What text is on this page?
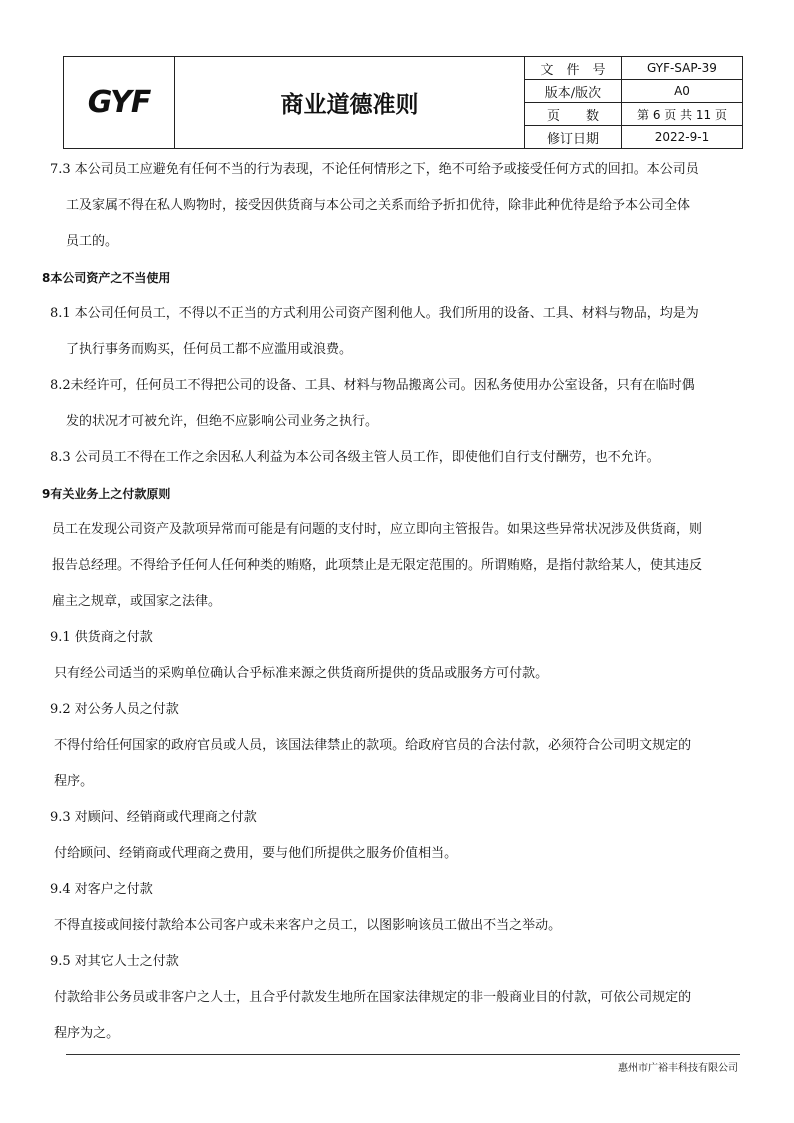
GYF	商业道德准则	文　件　号	GYF-SAP-39
		版本/版次	A0
		页　　数	第 6 页 共 11 页
		修订日期	2022-9-1

7.3 本公司员工应避免有任何不当的行为表现，不论任何情形之下，绝不可给予或接受任何方式的回扣。本公司员
工及家属不得在私人购物时，接受因供货商与本公司之关系而给予折扣优待，除非此种优待是给予本公司全体
员工的。

8本公司资产之不当使用

8.1 本公司任何员工，不得以不正当的方式利用公司资产图利他人。我们所用的设备、工具、材料与物品，均是为
了执行事务而购买，任何员工都不应滥用或浪费。

8.2未经许可，任何员工不得把公司的设备、工具、材料与物品搬离公司。因私务使用办公室设备，只有在临时偶
发的状况才可被允许，但绝不应影响公司业务之执行。

8.3 公司员工不得在工作之余因私人利益为本公司各级主管人员工作，即使他们自行支付酬劳，也不允许。

9有关业务上之付款原则

员工在发现公司资产及款项异常而可能是有问题的支付时，应立即向主管报告。如果这些异常状况涉及供货商，则
报告总经理。不得给予任何人任何种类的贿赂，此项禁止是无限定范围的。所谓贿赂，是指付款给某人，使其违反
雇主之规章，或国家之法律。

9.1 供货商之付款

只有经公司适当的采购单位确认合乎标准来源之供货商所提供的货品或服务方可付款。

9.2 对公务人员之付款

不得付给任何国家的政府官员或人员，该国法律禁止的款项。给政府官员的合法付款，必须符合公司明文规定的
程序。

9.3 对顾问、经销商或代理商之付款

付给顾问、经销商或代理商之费用，要与他们所提供之服务价值相当。

9.4 对客户之付款

不得直接或间接付款给本公司客户或未来客户之员工，以图影响该员工做出不当之举动。

9.5 对其它人士之付款

付款给非公务员或非客户之人士，且合乎付款发生地所在国家法律规定的非一般商业目的付款，可依公司规定的
程序为之。

惠州市广裕丰科技有限公司
